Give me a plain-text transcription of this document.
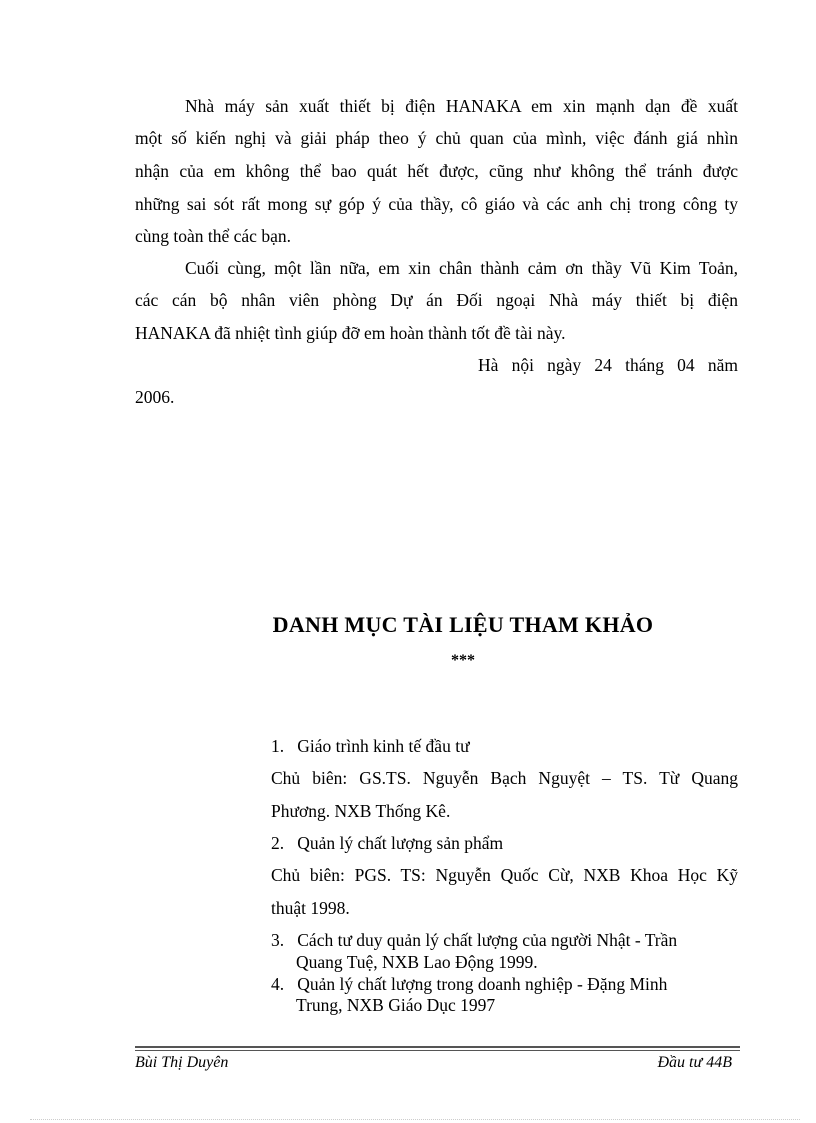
Nhà máy sản xuất thiết bị điện HANAKA em xin mạnh dạn đề xuất
một số kiến nghị và giải pháp theo ý chủ quan của mình, việc đánh giá nhìn
nhận của em không thể bao quát hết được, cũng như không thể tránh được
những sai sót rất mong sự góp ý của thầy, cô giáo và các anh chị trong công ty
cùng toàn thể các bạn.
Cuối cùng, một lần nữa, em xin chân thành cảm ơn thầy Vũ Kim Toản,
các cán bộ nhân viên phòng Dự án Đối ngoại Nhà máy thiết bị điện
HANAKA đã nhiệt tình giúp đỡ em hoàn thành tốt đề tài này.
Hà nội ngày 24 tháng 04 năm
2006.
DANH MỤC TÀI LIỆU THAM KHẢO
***
1.   Giáo trình kinh tế đầu tư
Chủ biên: GS.TS. Nguyễn Bạch Nguyệt – TS. Từ Quang
Phương. NXB Thống Kê.
2.   Quản lý chất lượng sản phẩm
Chủ biên: PGS. TS: Nguyễn Quốc Cừ, NXB Khoa Học Kỹ
thuật 1998.
3.   Cách tư duy quản lý chất lượng của người Nhật - Trần
Quang Tuệ, NXB Lao Động 1999.
4.   Quản lý chất lượng trong doanh nghiệp - Đặng Minh
Trung, NXB Giáo Dục 1997
Bùi Thị Duyên	Đầu tư 44B
